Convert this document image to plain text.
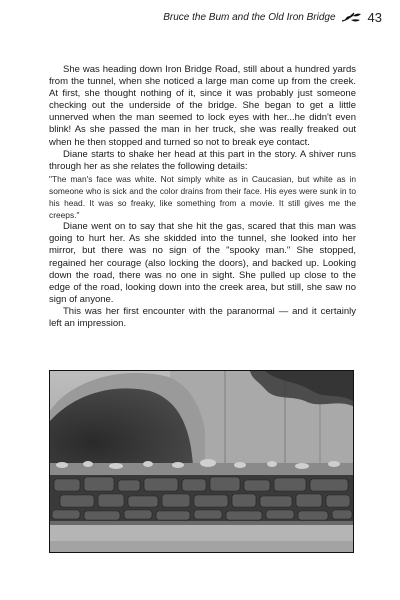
Bruce the Bum and the Old Iron Bridge 43

She was heading down Iron Bridge Road, still about a hundred yards from the tunnel, when she noticed a large man come up from the creek. At first, she thought nothing of it, since it was probably just someone checking out the underside of the bridge. She began to get a little unnerved when the man seemed to lock eyes with her...he didn't even blink! As she passed the man in her truck, she was really freaked out when he then stopped and turned so not to break eye contact.

Diane starts to shake her head at this part in the story. A shiver runs through her as she relates the following details:

"The man's face was white. Not simply white as in Caucasian, but white as in someone who is sick and the color drains from their face. His eyes were sunk in to his head. It was so freaky, like something from a movie. It still gives me the creeps."

Diane went on to say that she hit the gas, scared that this man was going to hurt her. As she skidded into the tunnel, she looked into her mirror, but there was no sign of the "spooky man." She stopped, regained her courage (also locking the doors), and backed up. Looking down the road, there was no one in sight. She pulled up close to the edge of the road, looking down into the creek area, but still, she saw no sign of anyone.

This was her first encounter with the paranormal — and it certainly left an impression.
